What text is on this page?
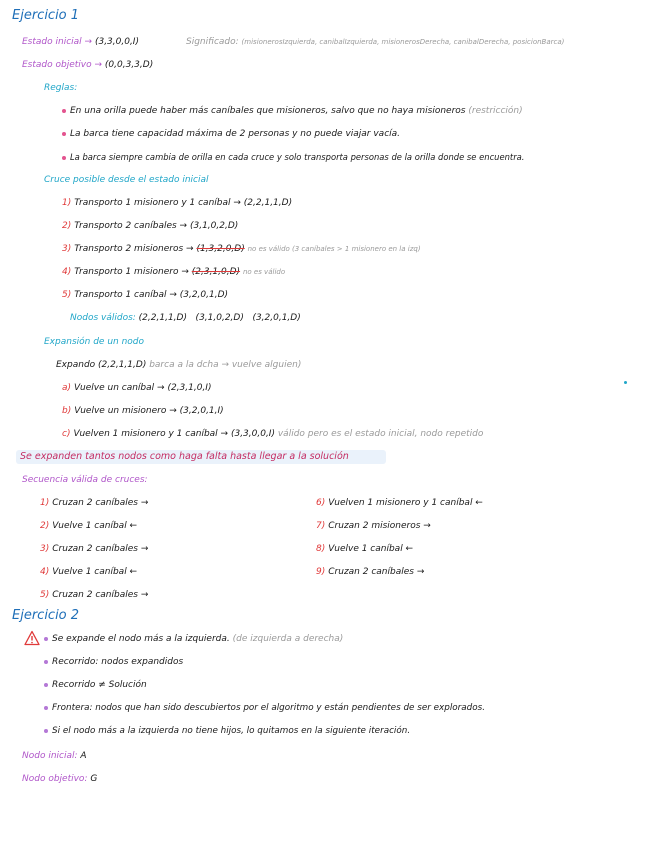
Ejercicio 1
Estado inicial → (3,3,0,0,I)	Significado: (misionerosIzquierda, canibalIzquierda, misionerosDerecha, canibalDerecha, posicionBarca)
Estado objetivo → (0,0,3,3,D)
Reglas:
En una orilla puede haber más caníbales que misioneros, salvo que no haya misioneros (restricción)
La barca tiene capacidad máxima de 2 personas y no puede viajar vacía.
La barca siempre cambia de orilla en cada cruce y solo transporta personas de la orilla donde se encuentra.
Cruce posible desde el estado inicial
1) Transporto 1 misionero y 1 caníbal → (2,2,1,1,D)
2) Transporto 2 caníbales → (3,1,0,2,D)
3) Transporto 2 misioneros → (1,3,2,0,D) no es válido (3 caníbales > 1 misionero en la izq)
4) Transporto 1 misionero → (2,3,1,0,D) no es válido
5) Transporto 1 caníbal → (3,2,0,1,D)
Nodos válidos: (2,2,1,1,D)   (3,1,0,2,D)   (3,2,0,1,D)
Expansión de un nodo
Expando (2,2,1,1,D) barca a la dcha → vuelve alguien)
a) Vuelve un caníbal → (2,3,1,0,I)
b) Vuelve un misionero → (3,2,0,1,I)
c) Vuelven 1 misionero y 1 caníbal → (3,3,0,0,I) válido pero es el estado inicial, nodo repetido
Se expanden tantos nodos como haga falta hasta llegar a la solución
Secuencia válida de cruces:
1) Cruzan 2 caníbales →
2) Vuelve 1 caníbal ←
3) Cruzan 2 caníbales →
4) Vuelve 1 caníbal ←
5) Cruzan 2 caníbales →
6) Vuelven 1 misionero y 1 caníbal ←
7) Cruzan 2 misioneros →
8) Vuelve 1 caníbal ←
9) Cruzan 2 caníbales →
Ejercicio 2
Se expande el nodo más a la izquierda. (de izquierda a derecha)
Recorrido: nodos expandidos
Recorrido ≠ Solución
Frontera: nodos que han sido descubiertos por el algoritmo y están pendientes de ser explorados.
Si el nodo más a la izquierda no tiene hijos, lo quitamos en la siguiente iteración.
Nodo inicial: A
Nodo objetivo: G
